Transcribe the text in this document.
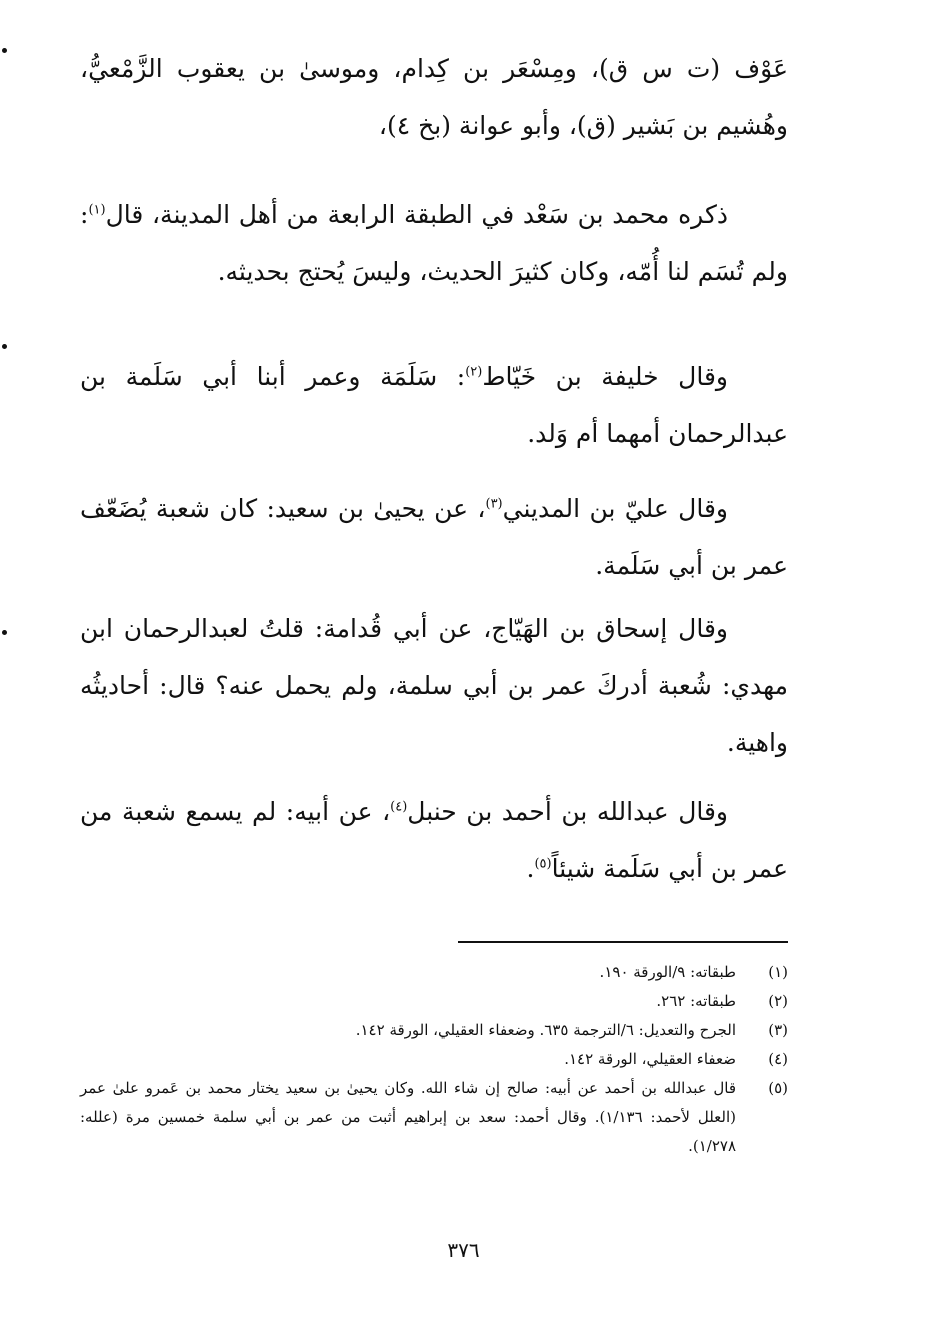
عَوْف (ت س ق)، ومِسْعَر بن كِدام، وموسىٰ بن يعقوب الزَّمْعيُّ، وهُشيم بن بَشير (ق)، وأبو عوانة (بخ ٤)،

ذكره محمد بن سَعْد في الطبقة الرابعة من أهل المدينة، قال$^{(١)}$: ولم تُسَم لنا أُمّه، وكان كثيرَ الحديث، وليسَ يُحتج بحديثه.

وقال خليفة بن خَيّاط$^{(٢)}$: سَلَمَة وعمر أبنا أبي سَلَمة بن عبدالرحمان أمهما أم وَلد.

وقال عليّ بن المديني$^{(٣)}$، عن يحيىٰ بن سعيد: كان شعبة يُضَعّف عمر بن أبي سَلَمة.

وقال إسحاق بن الهَيّاج، عن أبي قُدامة: قلتُ لعبدالرحمان ابن مهدي: شُعبة أدركَ عمر بن أبي سلمة، ولم يحمل عنه؟ قال: أحاديثُه واهية.

وقال عبدالله بن أحمد بن حنبل$^{(٤)}$، عن أبيه: لم يسمع شعبة من عمر بن أبي سَلَمة شيئاً$^{(٥)}$.

(١)
طبقاته: ٩/الورقة ١٩٠.
(٢)
طبقاته: ٢٦٢.
(٣)
الجرح والتعديل: ٦/الترجمة ٦٣٥. وضعفاء العقيلي، الورقة ١٤٢.
(٤)
ضعفاء العقيلي، الورقة ١٤٢.
(٥)
قال عبدالله بن أحمد عن أبيه: صالح إن شاء الله. وكان يحيىٰ بن سعيد يختار محمد بن عَمرو علىٰ عمر (العلل لأحمد: ١/١٣٦). وقال أحمد: سعد بن إبراهيم أثبت من عمر بن أبي سلمة خمسين مرة (علله: ١/٢٧٨).
٣٧٦
